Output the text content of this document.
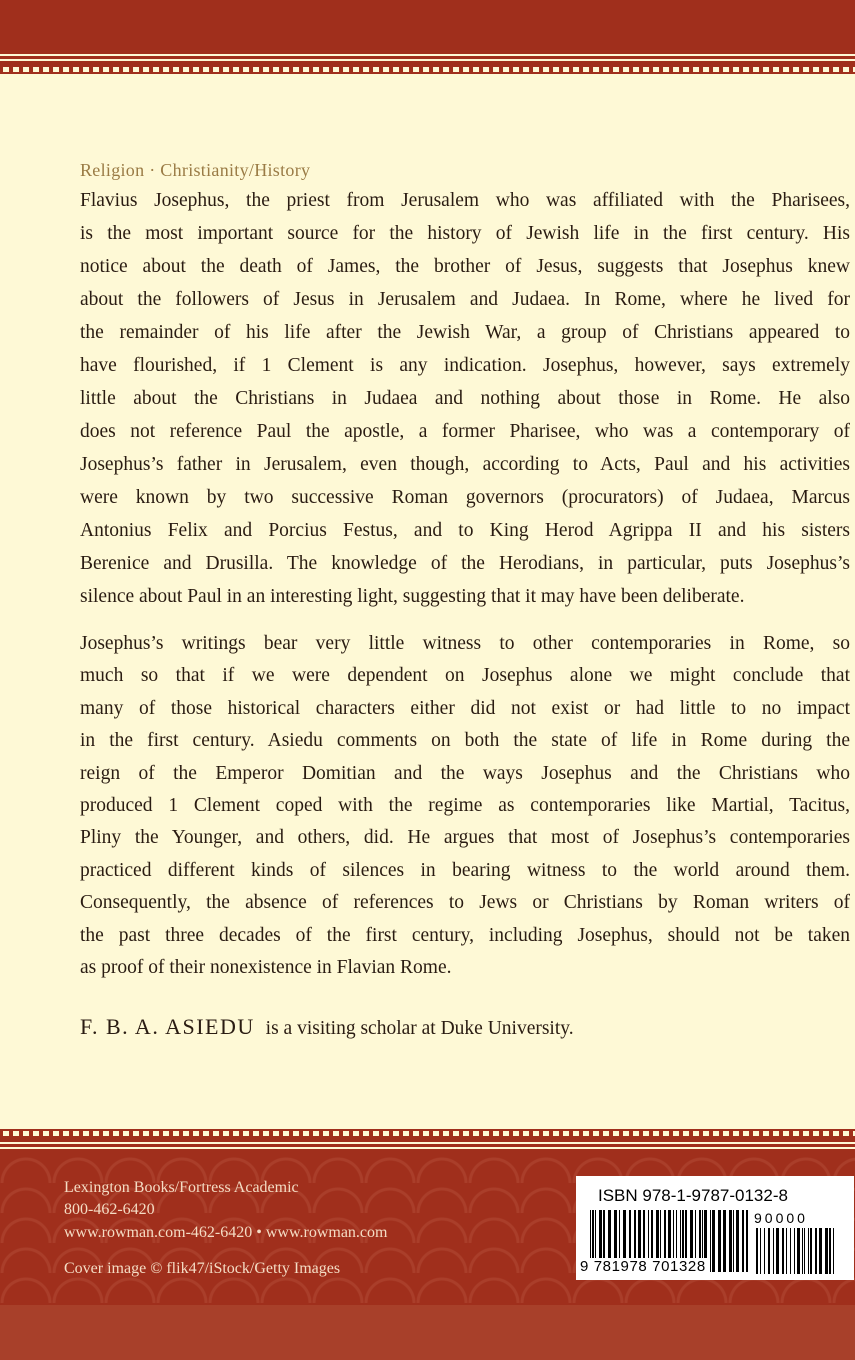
Religion · Christianity/History
Flavius Josephus, the priest from Jerusalem who was affiliated with the Pharisees,
is the most important source for the history of Jewish life in the first century. His
notice about the death of James, the brother of Jesus, suggests that Josephus knew
about the followers of Jesus in Jerusalem and Judaea. In Rome, where he lived for
the remainder of his life after the Jewish War, a group of Christians appeared to
have flourished, if 1 Clement is any indication. Josephus, however, says extremely
little about the Christians in Judaea and nothing about those in Rome. He also
does not reference Paul the apostle, a former Pharisee, who was a contemporary of
Josephus’s father in Jerusalem, even though, according to Acts, Paul and his activities
were known by two successive Roman governors (procurators) of Judaea, Marcus
Antonius Felix and Porcius Festus, and to King Herod Agrippa II and his sisters
Berenice and Drusilla. The knowledge of the Herodians, in particular, puts Josephus’s
silence about Paul in an interesting light, suggesting that it may have been deliberate.
Josephus’s writings bear very little witness to other contemporaries in Rome, so
much so that if we were dependent on Josephus alone we might conclude that
many of those historical characters either did not exist or had little to no impact
in the first century. Asiedu comments on both the state of life in Rome during the
reign of the Emperor Domitian and the ways Josephus and the Christians who
produced 1 Clement coped with the regime as contemporaries like Martial, Tacitus,
Pliny the Younger, and others, did. He argues that most of Josephus’s contemporaries
practiced different kinds of silences in bearing witness to the world around them.
Consequently, the absence of references to Jews or Christians by Roman writers of
the past three decades of the first century, including Josephus, should not be taken
as proof of their nonexistence in Flavian Rome.
F. B. A. ASIEDU is a visiting scholar at Duke University.
Lexington Books/Fortress Academic
800-462-6420
www.rowman.com-462-6420 • www.rowman.com
Cover image © flik47/iStock/Getty Images
ISBN 978-1-9787-0132-8
90000
9 781978 701328
